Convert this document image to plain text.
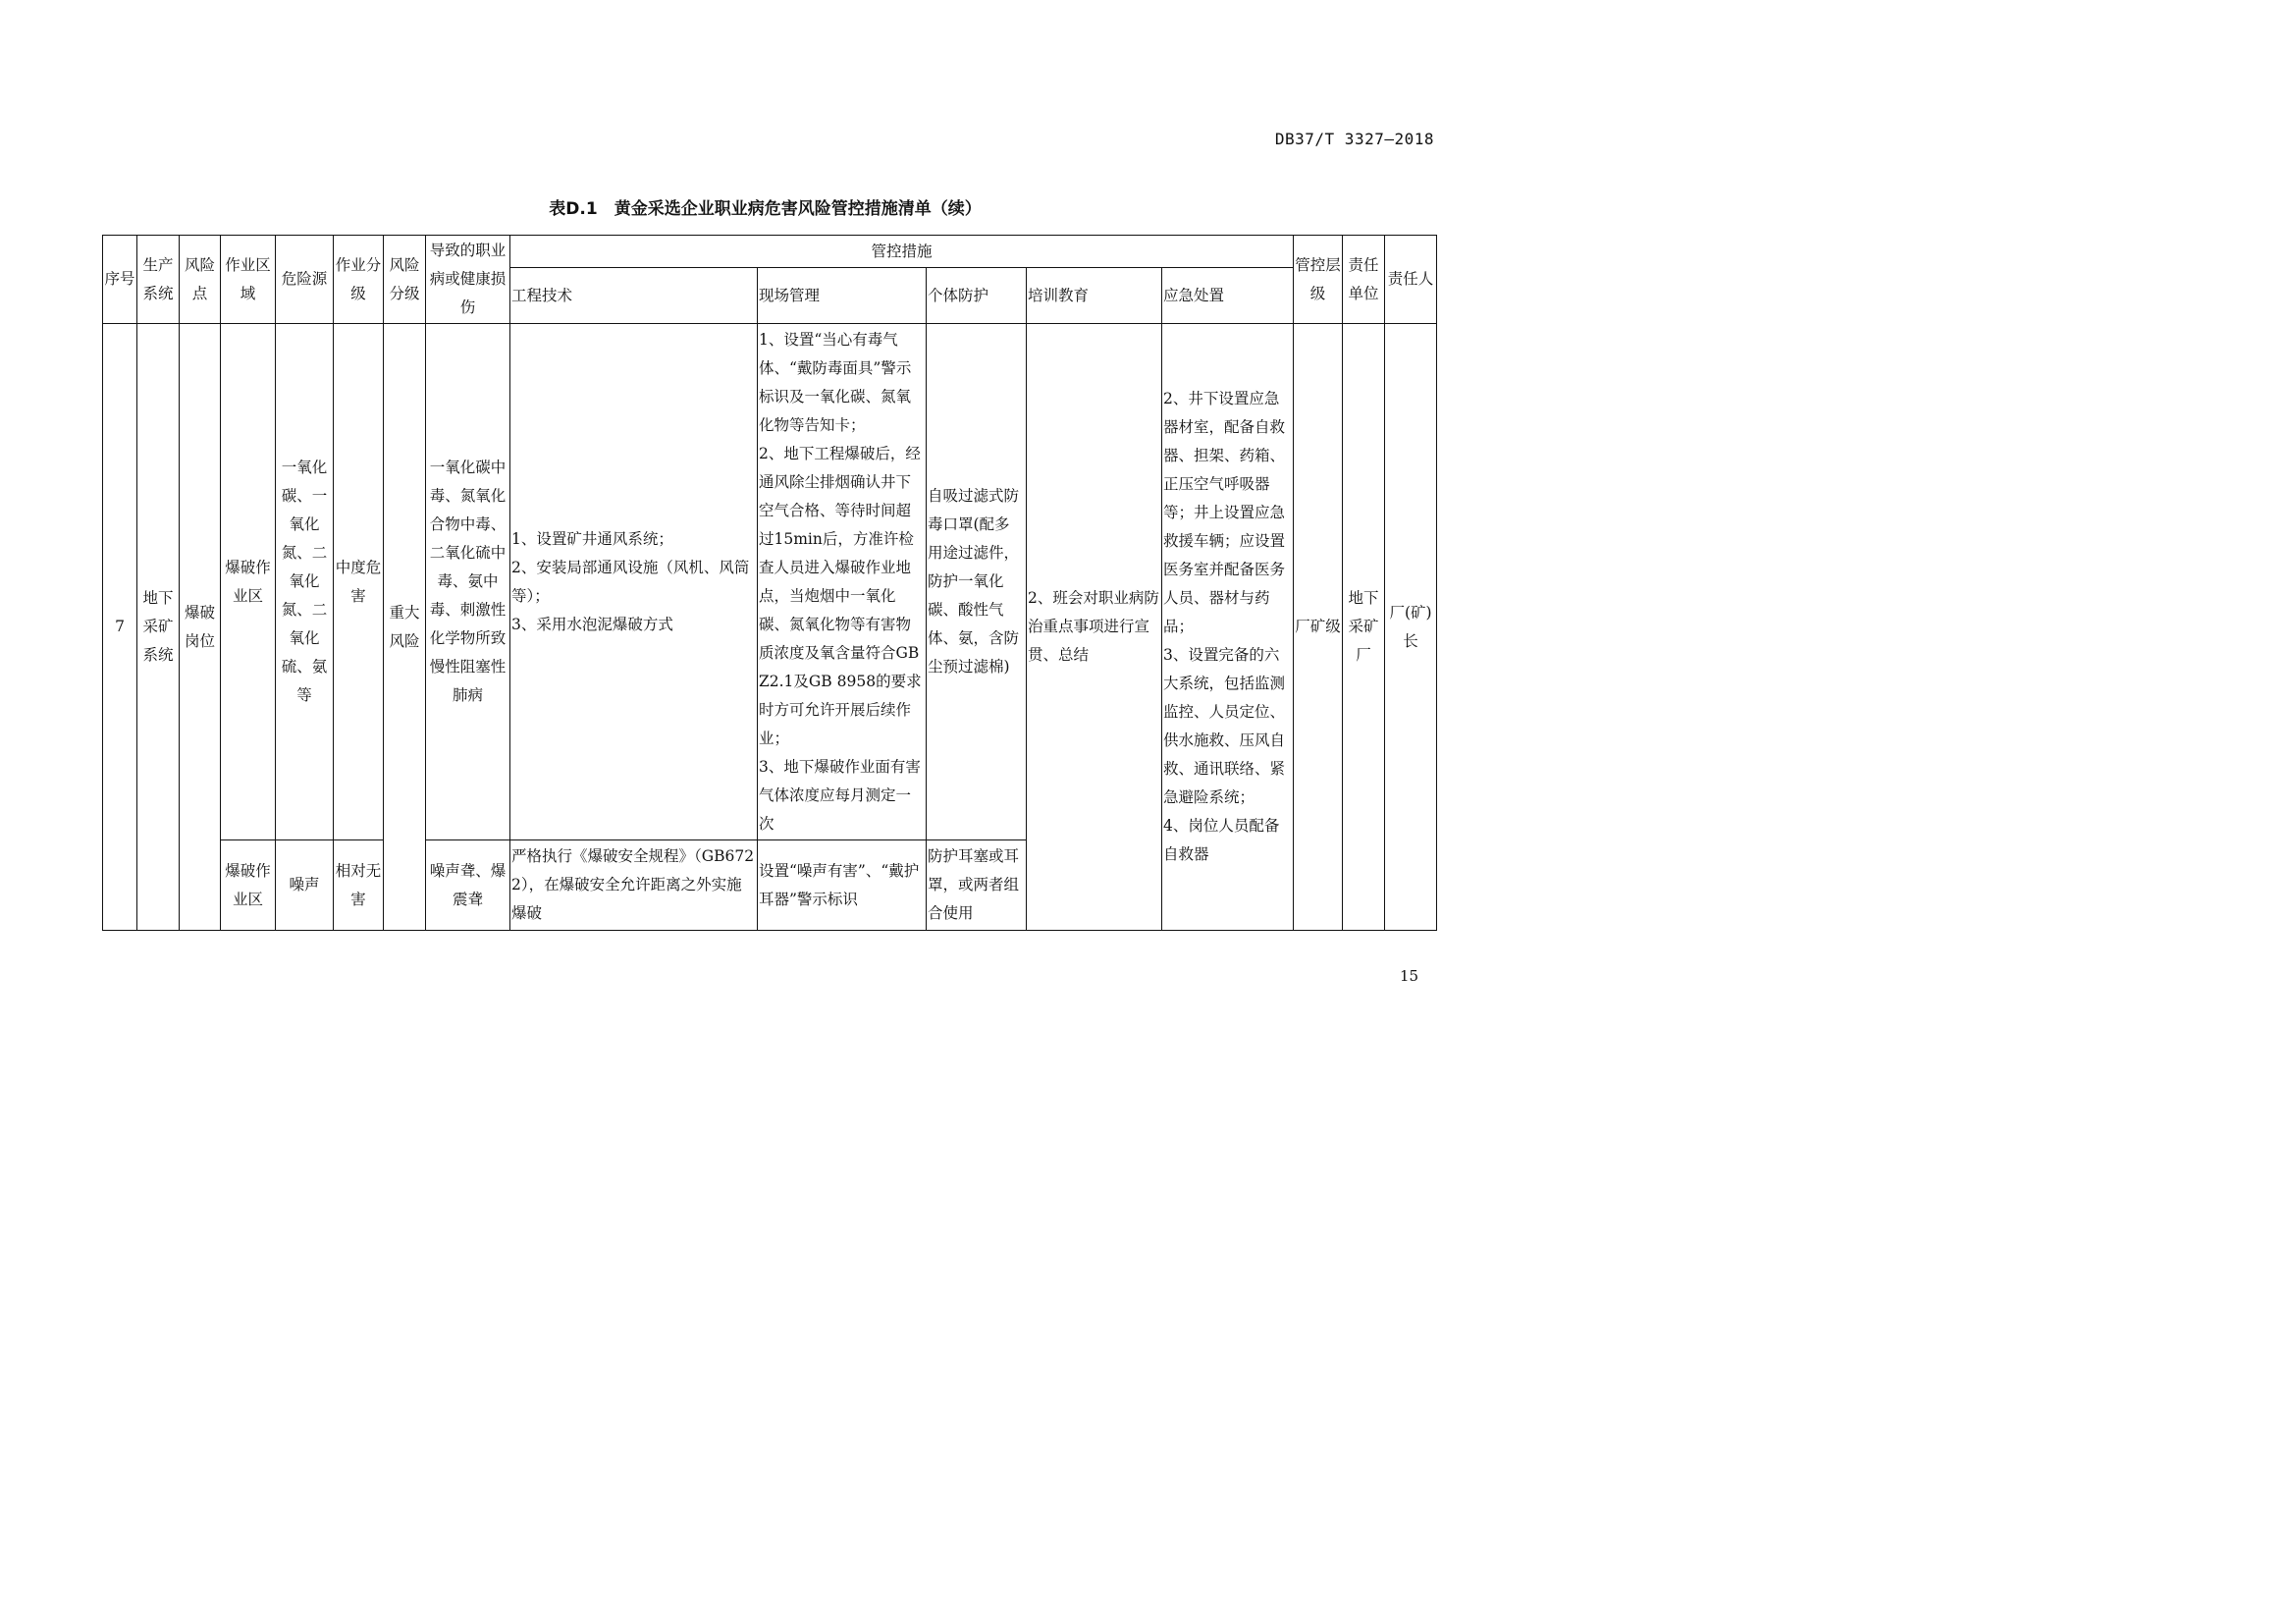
DB37/T 3327—2018
表D.1　黄金采选企业职业病危害风险管控措施清单（续）
序号	生产系统	风险点	作业区域	危险源	作业分级	风险分级	导致的职业病或健康损伤	管控措施					管控层级	责任单位	责任人
								工程技术	现场管理	个体防护	培训教育	应急处置			
7	地下采矿系统	爆破岗位	爆破作业区	一氧化碳、一氧化氮、二氧化氮、二氧化硫、氨等	中度危害	重大风险	一氧化碳中毒、氮氧化合物中毒、二氧化硫中毒、氨中毒、刺激性化学物所致慢性阻塞性肺病	1、设置矿井通风系统；
2、安装局部通风设施（风机、风筒等）；
3、采用水泡泥爆破方式	1、设置“当心有毒气体、“戴防毒面具”警示标识及一氧化碳、氮氧化物等告知卡；
2、地下工程爆破后，经通风除尘排烟确认井下空气合格、等待时间超过15min后，方准许检查人员进入爆破作业地点，当炮烟中一氧化碳、氮氧化物等有害物质浓度及氧含量符合GBZ2.1及GB 8958的要求时方可允许开展后续作业；
3、地下爆破作业面有害气体浓度应每月测定一次	自吸过滤式防毒口罩(配多用途过滤件，防护一氧化碳、酸性气体、氨，含防尘预过滤棉)	2、班会对职业病防治重点事项进行宣贯、总结	2、井下设置应急器材室，配备自救器、担架、药箱、正压空气呼吸器等；井上设置应急救援车辆；应设置医务室并配备医务人员、器材与药品；
3、设置完备的六大系统，包括监测监控、人员定位、供水施救、压风自救、通讯联络、紧急避险系统；
4、岗位人员配备自救器	厂矿级	地下采矿厂	厂(矿)长
			爆破作业区	噪声	相对无害		噪声聋、爆震聋	严格执行《爆破安全规程》（GB6722），在爆破安全允许距离之外实施爆破	设置“噪声有害”、“戴护耳器”警示标识	防护耳塞或耳罩，或两者组合使用					
15
